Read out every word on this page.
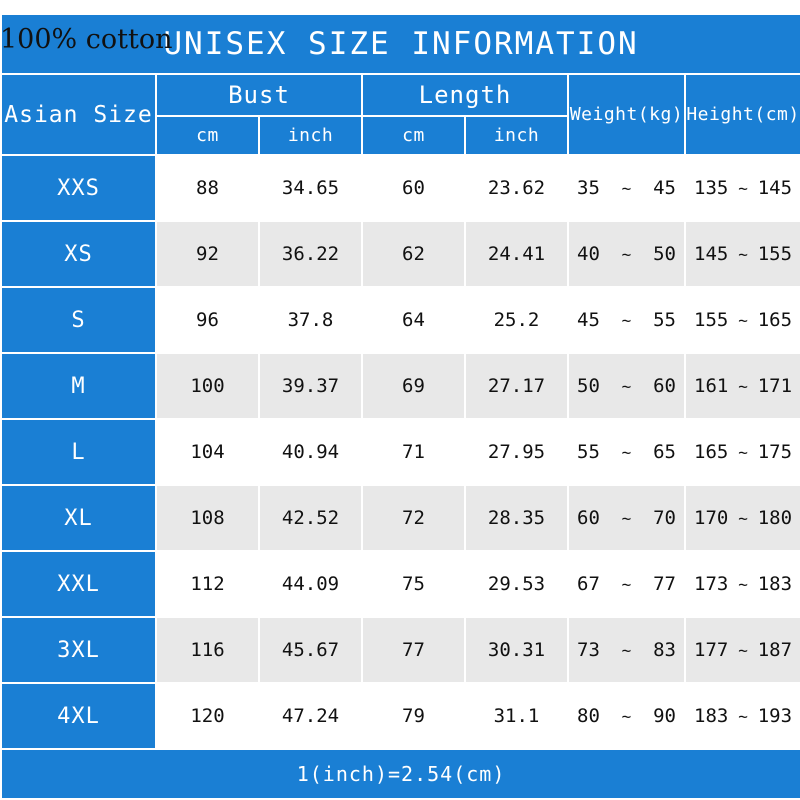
UNISEX SIZE INFORMATION						
Asian Size	Bust		Length		Weight(kg)	Height(cm)
	cm	inch	cm	inch		
XXS	88	34.65	60	23.62	35 ~ 45	135 ~ 145

XS	92	36.22	62	24.41	40 ~ 50	145 ~ 155

S	96	37.8	64	25.2	45 ~ 55	155 ~ 165

M	100	39.37	69	27.17	50 ~ 60	161 ~ 171

L	104	40.94	71	27.95	55 ~ 65	165 ~ 175

XL	108	42.52	72	28.35	60 ~ 70	170 ~ 180

XXL	112	44.09	75	29.53	67 ~ 77	173 ~ 183

3XL	116	45.67	77	30.31	73 ~ 83	177 ~ 187

4XL	120	47.24	79	31.1	80 ~ 90	183 ~ 193

1(inch)=2.54(cm)						
100% cotton
